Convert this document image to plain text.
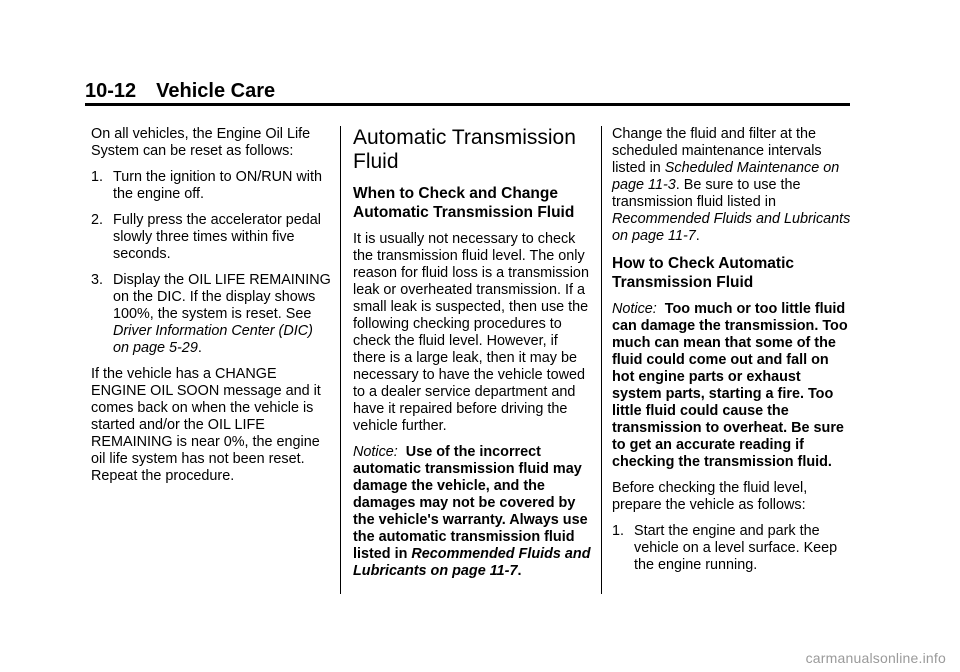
10-12 Vehicle Care

On all vehicles, the Engine Oil Life System can be reset as follows:

1. Turn the ignition to ON/RUN with the engine off.
2. Fully press the accelerator pedal slowly three times within five seconds.
3. Display the OIL LIFE REMAINING on the DIC. If the display shows 100%, the system is reset. See Driver Information Center (DIC) on page 5-29.

If the vehicle has a CHANGE ENGINE OIL SOON message and it comes back on when the vehicle is started and/or the OIL LIFE REMAINING is near 0%, the engine oil life system has not been reset. Repeat the procedure.

Automatic Transmission Fluid
When to Check and Change Automatic Transmission Fluid

It is usually not necessary to check the transmission fluid level. The only reason for fluid loss is a transmission leak or overheated transmission. If a small leak is suspected, then use the following checking procedures to check the fluid level. However, if there is a large leak, then it may be necessary to have the vehicle towed to a dealer service department and have it repaired before driving the vehicle further.

Notice: Use of the incorrect automatic transmission fluid may damage the vehicle, and the damages may not be covered by the vehicle's warranty. Always use the automatic transmission fluid listed in Recommended Fluids and Lubricants on page 11-7.

Change the fluid and filter at the scheduled maintenance intervals listed in Scheduled Maintenance on page 11-3. Be sure to use the transmission fluid listed in Recommended Fluids and Lubricants on page 11-7.

How to Check Automatic Transmission Fluid

Notice: Too much or too little fluid can damage the transmission. Too much can mean that some of the fluid could come out and fall on hot engine parts or exhaust system parts, starting a fire. Too little fluid could cause the transmission to overheat. Be sure to get an accurate reading if checking the transmission fluid.

Before checking the fluid level, prepare the vehicle as follows:

1. Start the engine and park the vehicle on a level surface. Keep the engine running.
carmanualsonline.info
